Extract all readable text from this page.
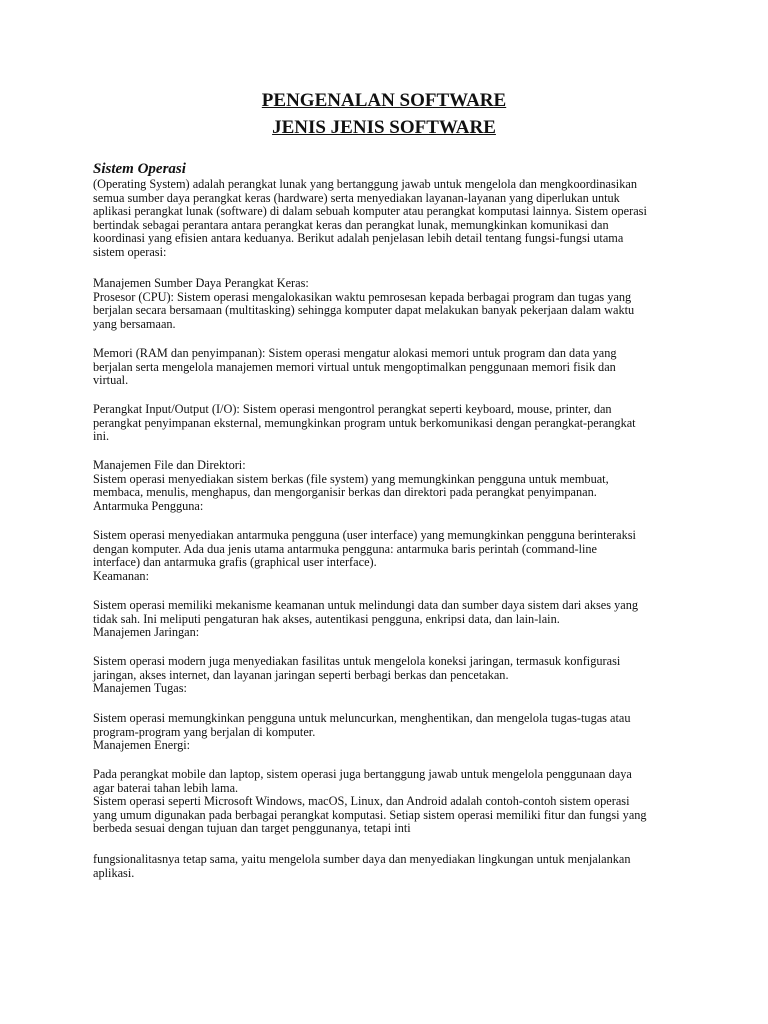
PENGENALAN SOFTWARE
JENIS JENIS SOFTWARE
Sistem Operasi

(Operating System) adalah perangkat lunak yang bertanggung jawab untuk mengelola dan mengkoordinasikan
semua sumber daya perangkat keras (hardware) serta menyediakan layanan-layanan yang diperlukan untuk
aplikasi perangkat lunak (software) di dalam sebuah komputer atau perangkat komputasi lainnya. Sistem operasi
bertindak sebagai perantara antara perangkat keras dan perangkat lunak, memungkinkan komunikasi dan
koordinasi yang efisien antara keduanya. Berikut adalah penjelasan lebih detail tentang fungsi-fungsi utama
sistem operasi:

Manajemen Sumber Daya Perangkat Keras:
Prosesor (CPU): Sistem operasi mengalokasikan waktu pemrosesan kepada berbagai program dan tugas yang
berjalan secara bersamaan (multitasking) sehingga komputer dapat melakukan banyak pekerjaan dalam waktu
yang bersamaan.

Memori (RAM dan penyimpanan): Sistem operasi mengatur alokasi memori untuk program dan data yang
berjalan serta mengelola manajemen memori virtual untuk mengoptimalkan penggunaan memori fisik dan
virtual.

Perangkat Input/Output (I/O): Sistem operasi mengontrol perangkat seperti keyboard, mouse, printer, dan
perangkat penyimpanan eksternal, memungkinkan program untuk berkomunikasi dengan perangkat-perangkat
ini.

Manajemen File dan Direktori:
Sistem operasi menyediakan sistem berkas (file system) yang memungkinkan pengguna untuk membuat,
membaca, menulis, menghapus, dan mengorganisir berkas dan direktori pada perangkat penyimpanan.
Antarmuka Pengguna:

Sistem operasi menyediakan antarmuka pengguna (user interface) yang memungkinkan pengguna berinteraksi
dengan komputer. Ada dua jenis utama antarmuka pengguna: antarmuka baris perintah (command-line
interface) dan antarmuka grafis (graphical user interface).
Keamanan:

Sistem operasi memiliki mekanisme keamanan untuk melindungi data dan sumber daya sistem dari akses yang
tidak sah. Ini meliputi pengaturan hak akses, autentikasi pengguna, enkripsi data, dan lain-lain.
Manajemen Jaringan:

Sistem operasi modern juga menyediakan fasilitas untuk mengelola koneksi jaringan, termasuk konfigurasi
jaringan, akses internet, dan layanan jaringan seperti berbagi berkas dan pencetakan.
Manajemen Tugas:

Sistem operasi memungkinkan pengguna untuk meluncurkan, menghentikan, dan mengelola tugas-tugas atau
program-program yang berjalan di komputer.
Manajemen Energi:

Pada perangkat mobile dan laptop, sistem operasi juga bertanggung jawab untuk mengelola penggunaan daya
agar baterai tahan lebih lama.
Sistem operasi seperti Microsoft Windows, macOS, Linux, dan Android adalah contoh-contoh sistem operasi
yang umum digunakan pada berbagai perangkat komputasi. Setiap sistem operasi memiliki fitur dan fungsi yang
berbeda sesuai dengan tujuan dan target penggunanya, tetapi inti

fungsionalitasnya tetap sama, yaitu mengelola sumber daya dan menyediakan lingkungan untuk menjalankan
aplikasi.
